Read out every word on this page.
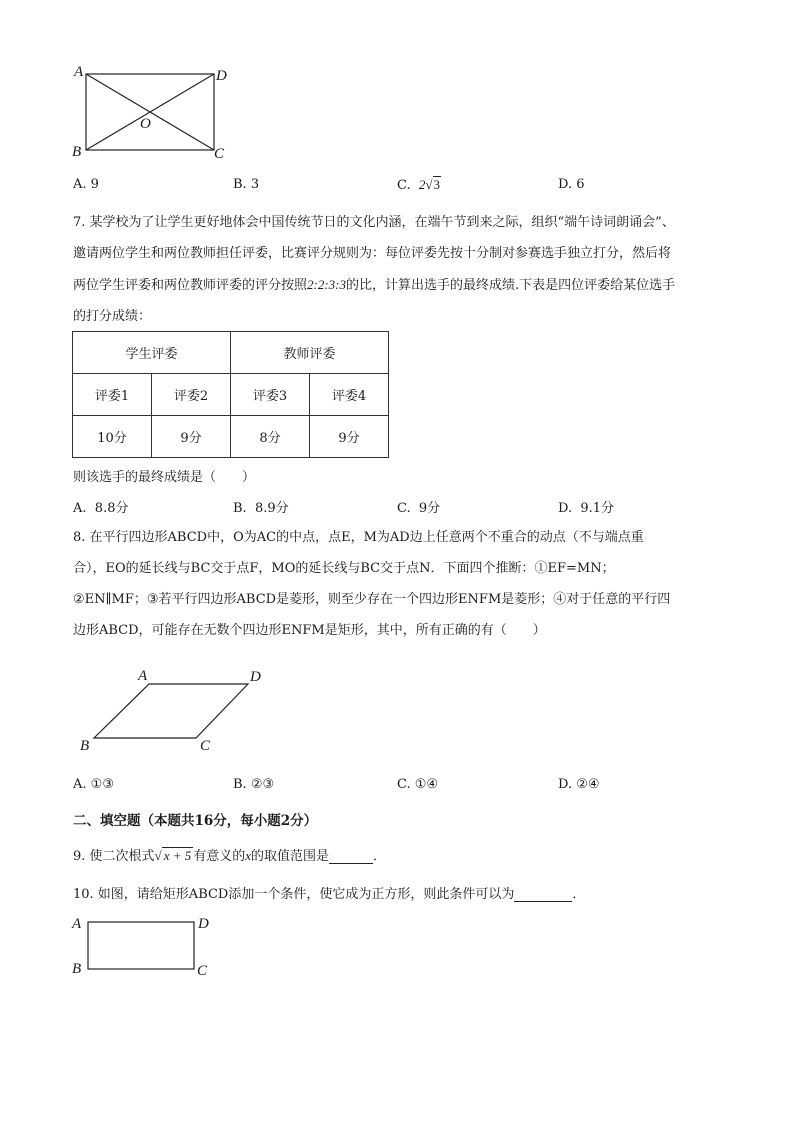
A	D
B	C
O
A. 9	B. 3	C. 2√3	D. 6
7. 某学校为了让学生更好地体会中国传统节日的文化内涵，在端午节到来之际，组织“端午诗词朗诵会”、
邀请两位学生和两位教师担任评委，比赛评分规则为：每位评委先按十分制对参赛选手独立打分，然后将
两位学生评委和两位教师评委的评分按照2:2:3:3的比，计算出选手的最终成绩.下表是四位评委给某位选手
的打分成绩：
学生评委		教师评委	
评委1	评委2	评委3	评委4
10分	9分	8分	9分
则该选手的最终成绩是（　　）
A. 8.8分	B. 8.9分	C. 9分	D. 9.1分
8. 在平行四边形ABCD中，O为AC的中点，点E，M为AD边上任意两个不重合的动点（不与端点重
合），EO的延长线与BC交于点F，MO的延长线与BC交于点N．下面四个推断：①EF=MN；
②EN∥MF；③若平行四边形ABCD是菱形，则至少存在一个四边形ENFM是菱形；④对于任意的平行四
边形ABCD，可能存在无数个四边形ENFM是矩形，其中，所有正确的有（　　）
A	D
B	C
A. ①③	B. ②③	C. ①④	D. ②④
二、填空题（本题共16分，每小题2分）
9. 使二次根式√ x + 5 有意义的x的取值范围是	．
10. 如图，请给矩形ABCD添加一个条件，使它成为正方形，则此条件可以为	．
A	D
B	C
